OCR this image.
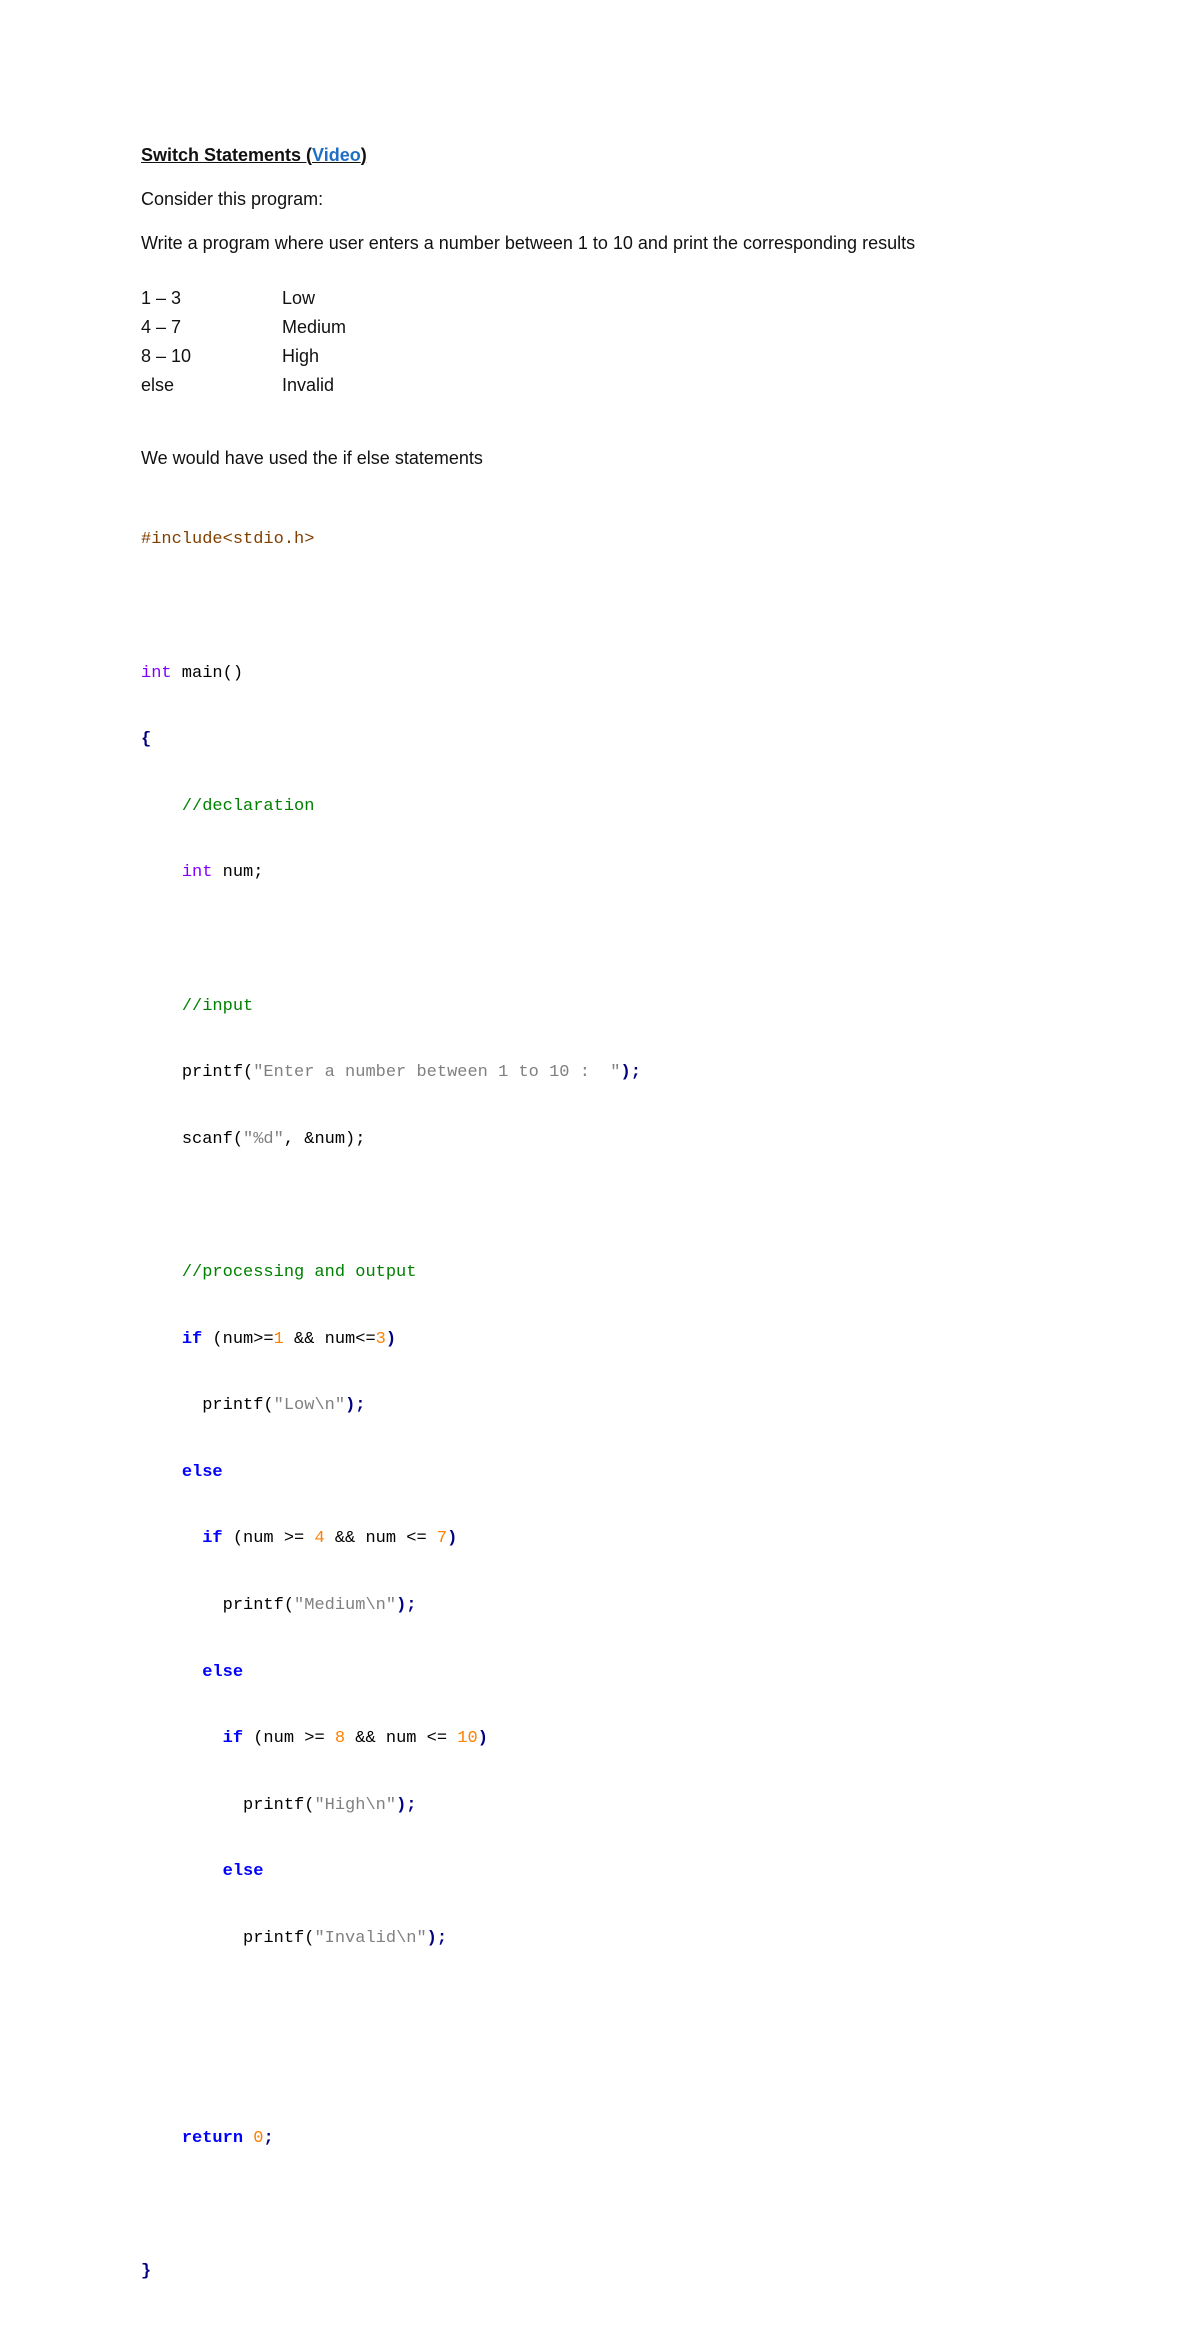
Switch Statements (Video)

Consider this program:

Write a program where user enters a number between 1 to 10 and print the corresponding results

1 – 3	Low
4 – 7	Medium
8 – 10	High
else	Invalid

We would have used the if else statements

#include<stdio.h>

int main()

{

//declaration

int num;

//input

printf("Enter a number between 1 to 10 :  ");

scanf("%d", &num);

//processing and output

if (num>=1 && num<=3)

printf("Low\n");

else

if (num >= 4 && num <= 7)

printf("Medium\n");

else

if (num >= 8 && num <= 10)

printf("High\n");

else

printf("Invalid\n");

return 0;

}
